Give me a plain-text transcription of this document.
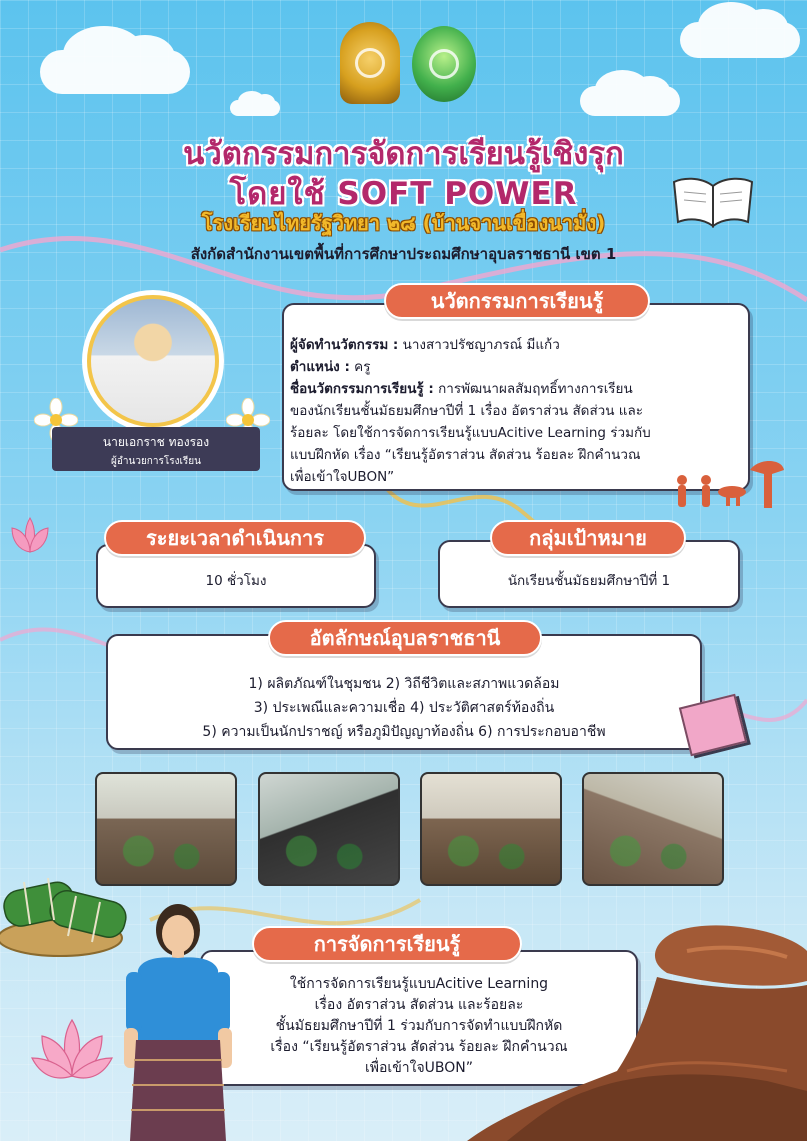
นวัตกรรมการจัดการเรียนรู้เชิงรุก
โดยใช้ SOFT POWER
โรงเรียนไทยรัฐวิทยา ๒๘ (บ้านจานเขื่องนามั่ง)
สังกัดสำนักงานเขตพื้นที่การศึกษาประถมศึกษาอุบลราชธานี เขต 1
นายเอกราช ทองรอง
ผู้อำนวยการโรงเรียน
นวัตกรรมการเรียนรู้
ผู้จัดทำนวัตกรรม : นางสาวปรัชญาภรณ์ มีแก้ว
ตำแหน่ง : ครู
ชื่อนวัตกรรมการเรียนรู้ : การพัฒนาผลสัมฤทธิ์ทางการเรียน
ของนักเรียนชั้นมัธยมศึกษาปีที่ 1 เรื่อง อัตราส่วน สัดส่วน และ
ร้อยละ โดยใช้การจัดการเรียนรู้แบบAcitive Learning ร่วมกับ
แบบฝึกหัด เรื่อง “เรียนรู้อัตราส่วน สัดส่วน ร้อยละ ฝึกคำนวณ
เพื่อเข้าใจUBON”
ระยะเวลาดำเนินการ
10 ชั่วโมง
กลุ่มเป้าหมาย
นักเรียนชั้นมัธยมศึกษาปีที่ 1
อัตลักษณ์อุบลราชธานี
1) ผลิตภัณฑ์ในชุมชน 2) วิถีชีวิตและสภาพแวดล้อม
3) ประเพณีและความเชื่อ 4) ประวัติศาสตร์ท้องถิ่น
5) ความเป็นนักปราชญ์ หรือภูมิปัญญาท้องถิ่น 6) การประกอบอาชีพ
การจัดการเรียนรู้
ใช้การจัดการเรียนรู้แบบAcitive Learning
เรื่อง อัตราส่วน สัดส่วน และร้อยละ
ชั้นมัธยมศึกษาปีที่ 1 ร่วมกับการจัดทำแบบฝึกหัด
เรื่อง “เรียนรู้อัตราส่วน สัดส่วน ร้อยละ ฝึกคำนวณ
เพื่อเข้าใจUBON”
